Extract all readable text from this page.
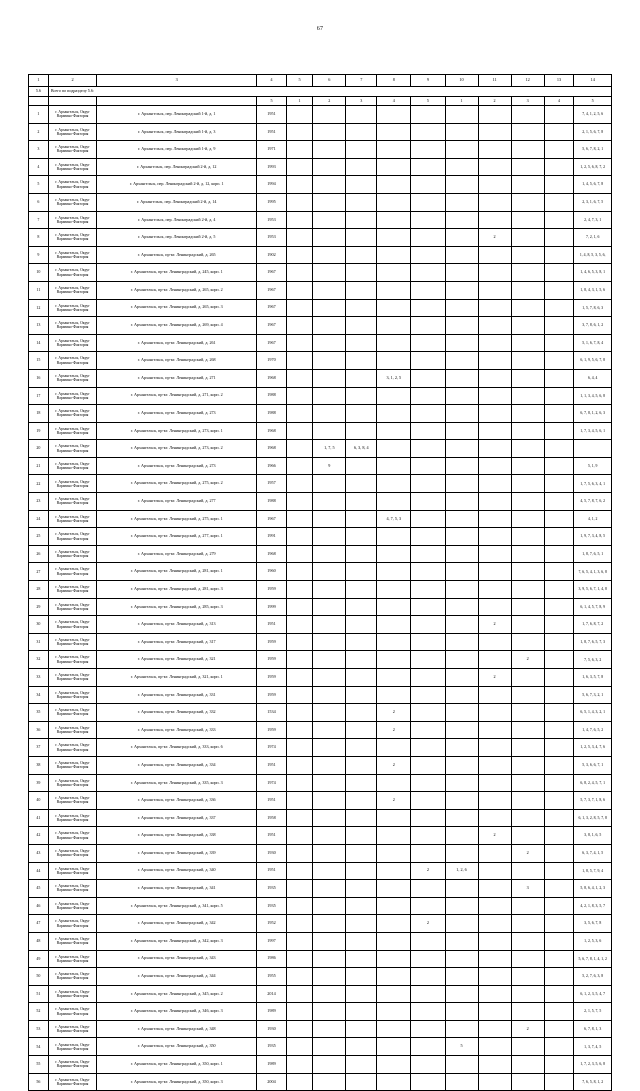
67
1	2	3	4	5	6	7	8	9	10	11	12	13	14
5.6	Всего по подразделу 5.6:												
			5	1	2	3	4	5	1	2	3	4	5
1	г. Архангельск, Округ Варавино-Фактория	г. Архангельск, пер. Ленинградский 1-й, д. 1	1951										7, 4, 1, 2, 5, 6
2	г. Архангельск, Округ Варавино-Фактория	г. Архангельск, пер. Ленинградский 1-й, д. 3	1951										2, 1, 5, 6, 7, 8
3	г. Архангельск, Округ Варавино-Фактория	г. Архангельск, пер. Ленинградский 1-й, д. 9	1971										5, 6, 7, 8, 2, 1
4	г. Архангельск, Округ Варавино-Фактория	г. Архангельск, пер. Ленинградский 2-й, д. 12	1993										1, 2, 5, 6, 8, 7, 2
5	г. Архангельск, Округ Варавино-Фактория	г. Архангельск, пер. Ленинградский 2-й, д. 12, корп. 1	1994										1, 4, 5, 6, 7, 8
6	г. Архангельск, Округ Варавино-Фактория	г. Архангельск, пер. Ленинградский 2-й, д. 14	1995										2, 3, 1, 6, 7, 5
7	г. Архангельск, Округ Варавино-Фактория	г. Архангельск, пер. Ленинградский 2-й, д. 4	1953										2, 4, 7, 3, 1
8	г. Архангельск, Округ Варавино-Фактория	г. Архангельск, пер. Ленинградский 2-й, д. 5	1953							2			7, 2, 1, 6
9	г. Архангельск, Округ Варавино-Фактория	г. Архангельск, пр-кт. Ленинградский, д. 265	1902										1, 4, 8, 5, 3, 5, 6,
10	г. Архангельск, Округ Варавино-Фактория	г. Архангельск, пр-кт. Ленинградский, д. 245, корп. 1	1967										1, 4, 6, 5, 3, 8, 1
11	г. Архангельск, Округ Варавино-Фактория	г. Архангельск, пр-кт. Ленинградский, д. 265, корп. 2	1967										1, 8, 4, 3, 1, 5, 6
12	г. Архангельск, Округ Варавино-Фактория	г. Архангельск, пр-кт. Ленинградский, д. 265, корп. 3	1967										1, 5, 7, 8, 6, 3
13	г. Архангельск, Округ Варавино-Фактория	г. Архангельск, пр-кт. Ленинградский, д. 269, корп. 4	1967										3, 7, 8, 6, 1, 2
14	г. Архангельск, Округ Варавино-Фактория	г. Архангельск, пр-кт. Ленинградский, д. 261	1967										5, 1, 6, 7, 8, 4
15	г. Архангельск, Округ Варавино-Фактория	г. Архангельск, пр-кт. Ленинградский, д. 268	1970										6, 1, 9, 5, 6, 7, 8
16	г. Архангельск, Округ Варавино-Фактория	г. Архангельск, пр-кт. Ленинградский, д. 271	1968				3, 1, 2, 5						6, 4, 4
17	г. Архангельск, Округ Варавино-Фактория	г. Архангельск, пр-кт. Ленинградский, д. 271, корп. 2	1988										1, 1, 3, 4, 5, 6, 8
18	г. Архангельск, Округ Варавино-Фактория	г. Архангельск, пр-кт. Ленинградский, д. 273	1988										6, 7, 8, 1, 2, 6, 3
19	г. Архангельск, Округ Варавино-Фактория	г. Архангельск, пр-кт. Ленинградский, д. 273, корп. 1	1968										1, 7, 3, 4, 5, 6, 1
20	г. Архангельск, Округ Варавино-Фактория	г. Архангельск, пр-кт. Ленинградский, д. 273, корп. 2	1968		1, 7, 5	6, 3, 8, 4							
21	г. Архангельск, Округ Варавино-Фактория	г. Архангельск, пр-кт. Ленинградский, д. 273	1966		9								5, 1, 9
22	г. Архангельск, Округ Варавино-Фактория	г. Архангельск, пр-кт. Ленинградский, д. 275, корп. 2	1957										1, 7, 5, 6, 3, 4, 1
23	г. Архангельск, Округ Варавино-Фактория	г. Архангельск, пр-кт. Ленинградский, д. 277	1988										4, 5, 7, 8, 7, 6, 2
24	г. Архангельск, Округ Варавино-Фактория	г. Архангельск, пр-кт. Ленинградский, д. 275, корп. 1	1967				4, 7, 5, 3						4, 1, 2
25	г. Архангельск, Округ Варавино-Фактория	г. Архангельск, пр-кт. Ленинградский, д. 277, корп. 1	1991										1, 9, 7, 3, 4, 8, 5
26	г. Архангельск, Округ Варавино-Фактория	г. Архангельск, пр-кт. Ленинградский, д. 279	1968										1, 8, 7, 6, 5, 1
27	г. Архангельск, Округ Варавино-Фактория	г. Архангельск, пр-кт. Ленинградский, д. 281, корп. 1	1960										7, 6, 5, 4, 1, 3, 6, 8
28	г. Архангельск, Округ Варавино-Фактория	г. Архангельск, пр-кт. Ленинградский, д. 281, корп. 3	1959										3, 9, 5, 6, 7, 1, 4, 8
29	г. Архангельск, Округ Варавино-Фактория	г. Архангельск, пр-кт. Ленинградский, д. 285, корп. 3	1999										6, 1, 4, 5, 7, 8, 9
30	г. Архангельск, Округ Варавино-Фактория	г. Архангельск, пр-кт. Ленинградский, д. 313	1951							2			1, 7, 6, 8, 7, 2
31	г. Архангельск, Округ Варавино-Фактория	г. Архангельск, пр-кт. Ленинградский, д. 317	1959										1, 8, 7, 6, 5, 7, 3
32	г. Архангельск, Округ Варавино-Фактория	г. Архангельск, пр-кт. Ленинградский, д. 321	1959								2		7, 5, 6, 3, 2
33	г. Архангельск, Округ Варавино-Фактория	г. Архангельск, пр-кт. Ленинградский, д. 321, корп. 1	1959							2			1, 6, 3, 5, 7, 8
34	г. Архангельск, Округ Варавино-Фактория	г. Архангельск, пр-кт. Ленинградский, д. 331	1959										5, 6, 7, 3, 2, 1
35	г. Архангельск, Округ Варавино-Фактория	г. Архангельск, пр-кт. Ленинградский, д. 332	1534				2						6, 5, 1, 4, 3, 2, 1
36	г. Архангельск, Округ Варавино-Фактория	г. Архангельск, пр-кт. Ленинградский, д. 333	1959				2						1, 4, 7, 6, 5, 2
37	г. Архангельск, Округ Варавино-Фактория	г. Архангельск, пр-кт. Ленинградский, д. 333, корп. 6	1974										1, 2, 5, 3, 4, 7, 6
38	г. Архангельск, Округ Варавино-Фактория	г. Архангельск, пр-кт. Ленинградский, д. 334	1951				2						5, 3, 6, 6, 7, 1
39	г. Архангельск, Округ Варавино-Фактория	г. Архангельск, пр-кт. Ленинградский, д. 335, корп. 3	1974										6, 8, 2, 4, 5, 7, 1
40	г. Архангельск, Округ Варавино-Фактория	г. Архангельск, пр-кт. Ленинградский, д. 336	1951				2						5, 7, 3, 7, 1, 8, 6
41	г. Архангельск, Округ Варавино-Фактория	г. Архангельск, пр-кт. Ленинградский, д. 337	1958										6, 1, 3, 2, 8, 5, 7, 8
42	г. Архангельск, Округ Варавино-Фактория	г. Архангельск, пр-кт. Ленинградский, д. 338	1951							2			3, 8, 1, 6, 5
43	г. Архангельск, Округ Варавино-Фактория	г. Архангельск, пр-кт. Ленинградский, д. 339	1930								2		6, 3, 7, 4, 1, 5
44	г. Архангельск, Округ Варавино-Фактория	г. Архангельск, пр-кт. Ленинградский, д. 340	1951					2	1, 2, 6				1, 8, 5, 7, 9, 4
45	г. Архангельск, Округ Варавино-Фактория	г. Архангельск, пр-кт. Ленинградский, д. 341	1935								3		5, 8, 6, 4, 1, 2, 3
46	г. Архангельск, Округ Варавино-Фактория	г. Архангельск, пр-кт. Ленинградский, д. 341, корп. 5	1935										4, 2, 1, 8, 3, 5, 7
47	г. Архангельск, Округ Варавино-Фактория	г. Архангельск, пр-кт. Ленинградский, д. 342	1952					2					3, 5, 6, 7, 8
48	г. Архангельск, Округ Варавино-Фактория	г. Архангельск, пр-кт. Ленинградский, д. 342, корп. 3	1997										1, 2, 5, 3, 6
49	г. Архангельск, Округ Варавино-Фактория	г. Архангельск, пр-кт. Ленинградский, д. 343	1986										5, 6, 7, 8, 1, 4, 1, 2
50	г. Архангельск, Округ Варавино-Фактория	г. Архангельск, пр-кт. Ленинградский, д. 344	1955										5, 2, 7, 6, 3, 8
51	г. Архангельск, Округ Варавино-Фактория	г. Архангельск, пр-кт. Ленинградский, д. 345, корп. 2	2014										6, 1, 2, 3, 5, 4, 7
52	г. Архангельск, Округ Варавино-Фактория	г. Архангельск, пр-кт. Ленинградский, д. 346, корп. 3	1989										2, 1, 5, 7, 5
53	г. Архангельск, Округ Варавино-Фактория	г. Архангельск, пр-кт. Ленинградский, д. 348	1930								2		6, 7, 8, 1, 3
54	г. Архангельск, Округ Варавино-Фактория	г. Архангельск, пр-кт. Ленинградский, д. 350	1935						5				1, 3, 7, 4, 5
55	г. Архангельск, Округ Варавино-Фактория	г. Архангельск, пр-кт. Ленинградский, д. 350, корп. 1	1989										1, 7, 2, 3, 5, 6, 8
56	г. Архангельск, Округ Варавино-Фактория	г. Архангельск, пр-кт. Ленинградский, д. 350, корп. 3	2004										7, 6, 5, 8, 1, 2
